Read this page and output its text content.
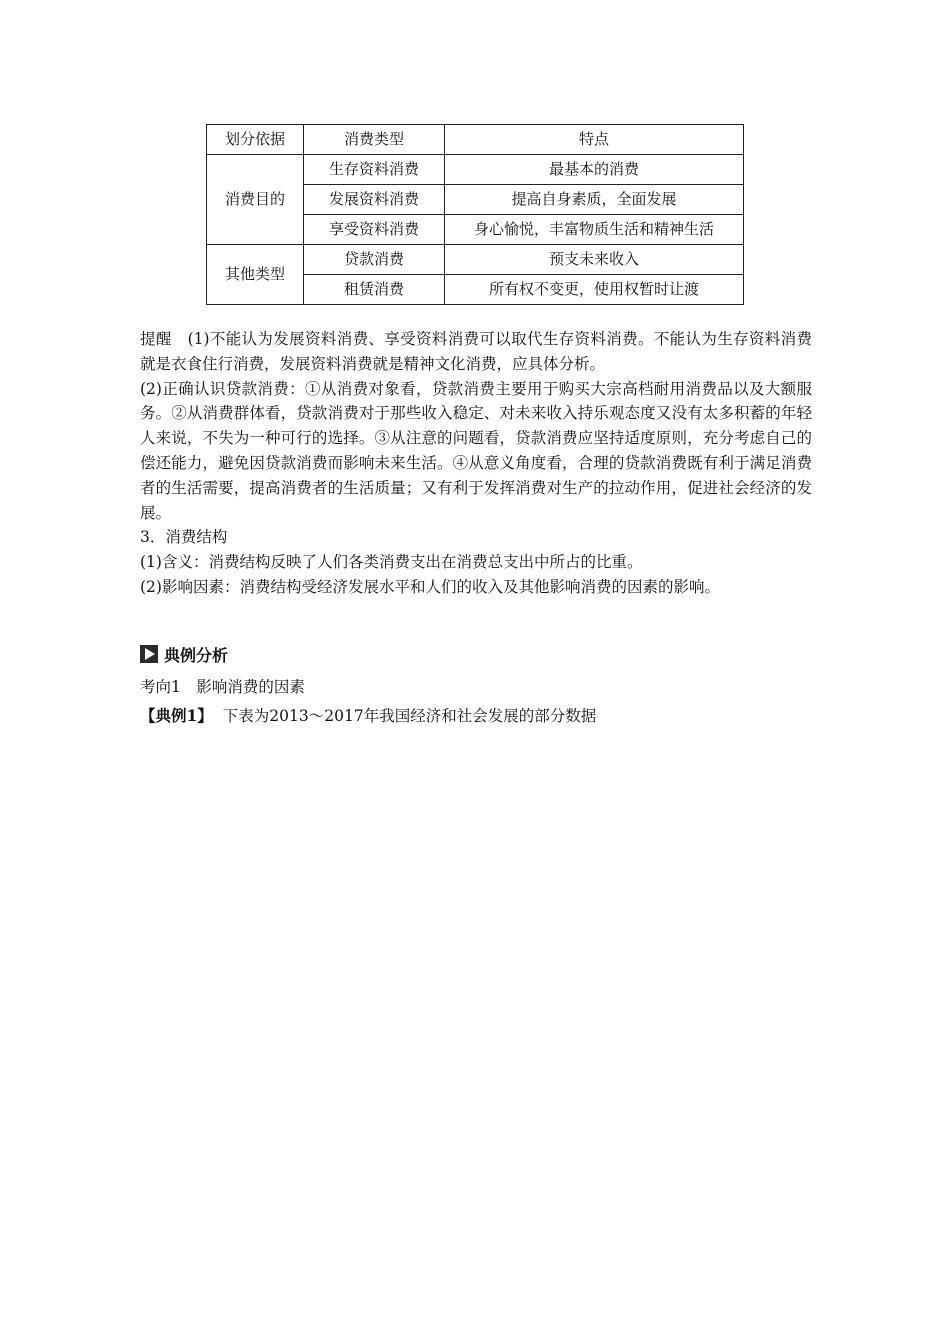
划分依据	消费类型	特点
消费目的	生存资料消费	最基本的消费
	发展资料消费	提高自身素质，全面发展
	享受资料消费	身心愉悦，丰富物质生活和精神生活
其他类型	贷款消费	预支未来收入
	租赁消费	所有权不变更，使用权暂时让渡

提醒　(1)不能认为发展资料消费、享受资料消费可以取代生存资料消费。不能认为生存资料消费就是衣食住行消费，发展资料消费就是精神文化消费，应具体分析。

(2)正确认识贷款消费：①从消费对象看，贷款消费主要用于购买大宗高档耐用消费品以及大额服务。②从消费群体看，贷款消费对于那些收入稳定、对未来收入持乐观态度又没有太多积蓄的年轻人来说，不失为一种可行的选择。③从注意的问题看，贷款消费应坚持适度原则，充分考虑自己的偿还能力，避免因贷款消费而影响未来生活。④从意义角度看，合理的贷款消费既有利于满足消费者的生活需要，提高消费者的生活质量；又有利于发挥消费对生产的拉动作用，促进社会经济的发展。

3．消费结构

(1)含义：消费结构反映了人们各类消费支出在消费总支出中所占的比重。

(2)影响因素：消费结构受经济发展水平和人们的收入及其他影响消费的因素的影响。

典例分析
考向1　影响消费的因素
【典例1】 下表为2013～2017年我国经济和社会发展的部分数据
